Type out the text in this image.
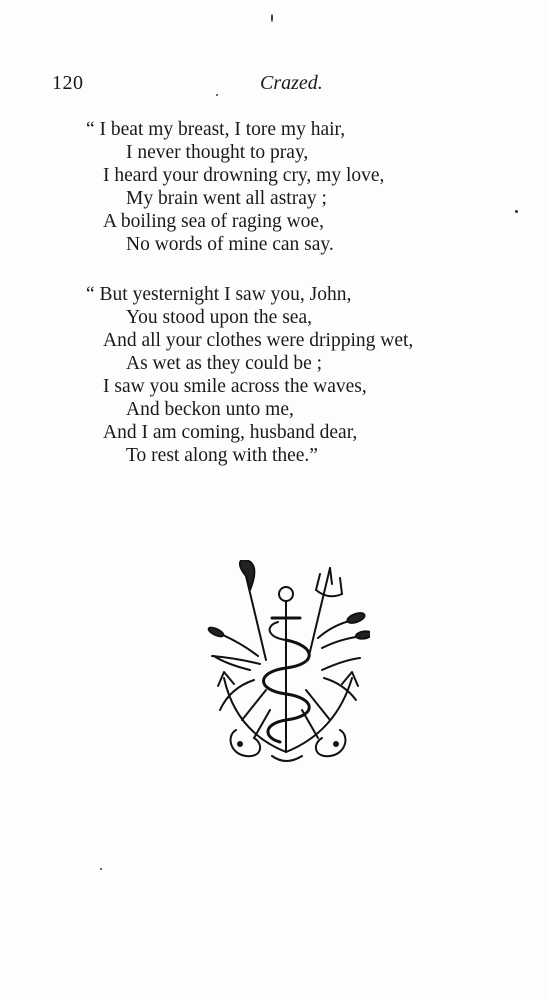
120	Crazed.
“ I beat my breast, I tore my hair,
I never thought to pray,
I heard your drowning cry, my love,
My brain went all astray ;
A boiling sea of raging woe,
No words of mine can say.
“ But yesternight I saw you, John,
You stood upon the sea,
And all your clothes were dripping wet,
As wet as they could be ;
I saw you smile across the waves,
And beckon unto me,
And I am coming, husband dear,
To rest along with thee.”
